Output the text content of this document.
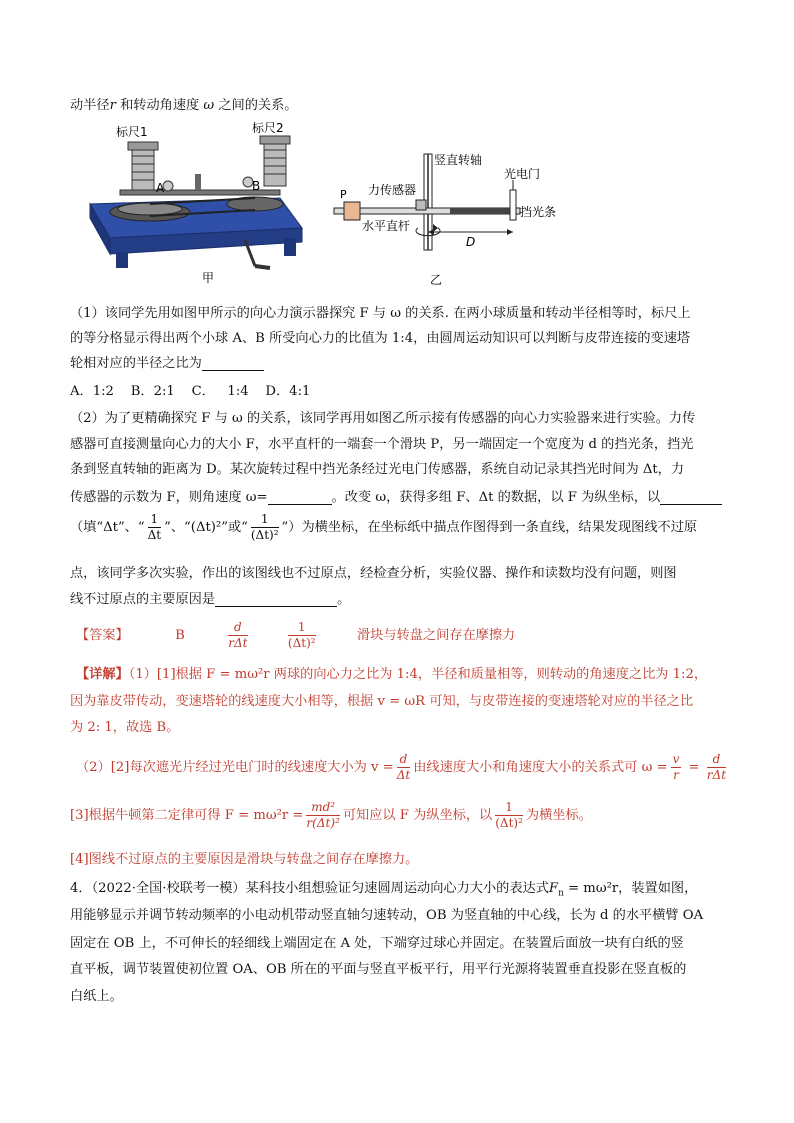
动半径r 和转动角速度 ω 之间的关系。
标尺1	标尺2
A	B
甲
P 力传感器
竖直转轴
光电门
水平直杆
挡光条
D
乙
（1）该同学先用如图甲所示的向心力演示器探究 F 与 ω 的关系. 在两小球质量和转动半径相等时，标尺上
的等分格显示得出两个小球 A、B 所受向心力的比值为 1:4，由圆周运动知识可以判断与皮带连接的变速塔
轮相对应的半径之比为
A．1:2    B．2:1    C．   1:4    D．4:1
（2）为了更精确探究 F 与 ω 的关系，该同学再用如图乙所示接有传感器的向心力实验器来进行实验。力传
感器可直接测量向心力的大小 F，水平直杆的一端套一个滑块 P，另一端固定一个宽度为 d 的挡光条，挡光
条到竖直转轴的距离为 D。某次旋转过程中挡光条经过光电门传感器，系统自动记录其挡光时间为 Δt，力
传感器的示数为 F，则角速度 ω=	。改变 ω，获得多组 F、Δt 的数据，以 F 为纵坐标，以
（填“Δt”、“ $\frac{1}{\Delta t}$ ”、“(Δt)²”或“ $\frac{1}{\text{(Δt)²}}$ ”）为横坐标，在坐标纸中描点作图得到一条直线，结果发现图线不过原
点，该同学多次实验，作出的该图线也不过原点，经检查分析，实验仪器、操作和读数均没有问题，则图
线不过原点的主要原因是	。
【答案】	B	$\frac{d}{\text{rΔt}}$
	$\frac{1}{\text{(Δt)²}}$	滑块与转盘之间存在摩擦力
【详解】（1）[1]根据 F = mω²r 两球的向心力之比为 1:4，半径和质量相等，则转动的角速度之比为 1:2，
因为靠皮带传动，变速塔轮的线速度大小相等，根据 v = ωR 可知，与皮带连接的变速塔轮对应的半径之比
为 2: 1，故选 B。
（2）[2]每次遮光片经过光电门时的线速度大小为 $v = \frac{d}{\Delta t}$ 由线速度大小和角速度大小的关系式可 $\omega = \frac{v}{r} = \frac{d}{\text{rΔt}}$
[3]根据牛顿第二定律可得 $F = m\omega^2r = \frac{\text{md²}}{\text{r(Δt)²}}$ 可知应以 F 为纵坐标，以 $\frac{1}{\text{(Δt)²}}$ 为横坐标。
[4]图线不过原点的主要原因是滑块与转盘之间存在摩擦力。
4．（2022·全国·校联考一模）某科技小组想验证匀速圆周运动向心力大小的表达式$F_n = m\omega^2r$，装置如图，
用能够显示并调节转动频率的小电动机带动竖直轴匀速转动，OB 为竖直轴的中心线，长为 d 的水平横臂 OA
固定在 OB 上，不可伸长的轻细线上端固定在 A 处，下端穿过球心并固定。在装置后面放一块有白纸的竖
直平板，调节装置使初位置 OA、OB 所在的平面与竖直平板平行，用平行光源将装置垂直投影在竖直板的
白纸上。
